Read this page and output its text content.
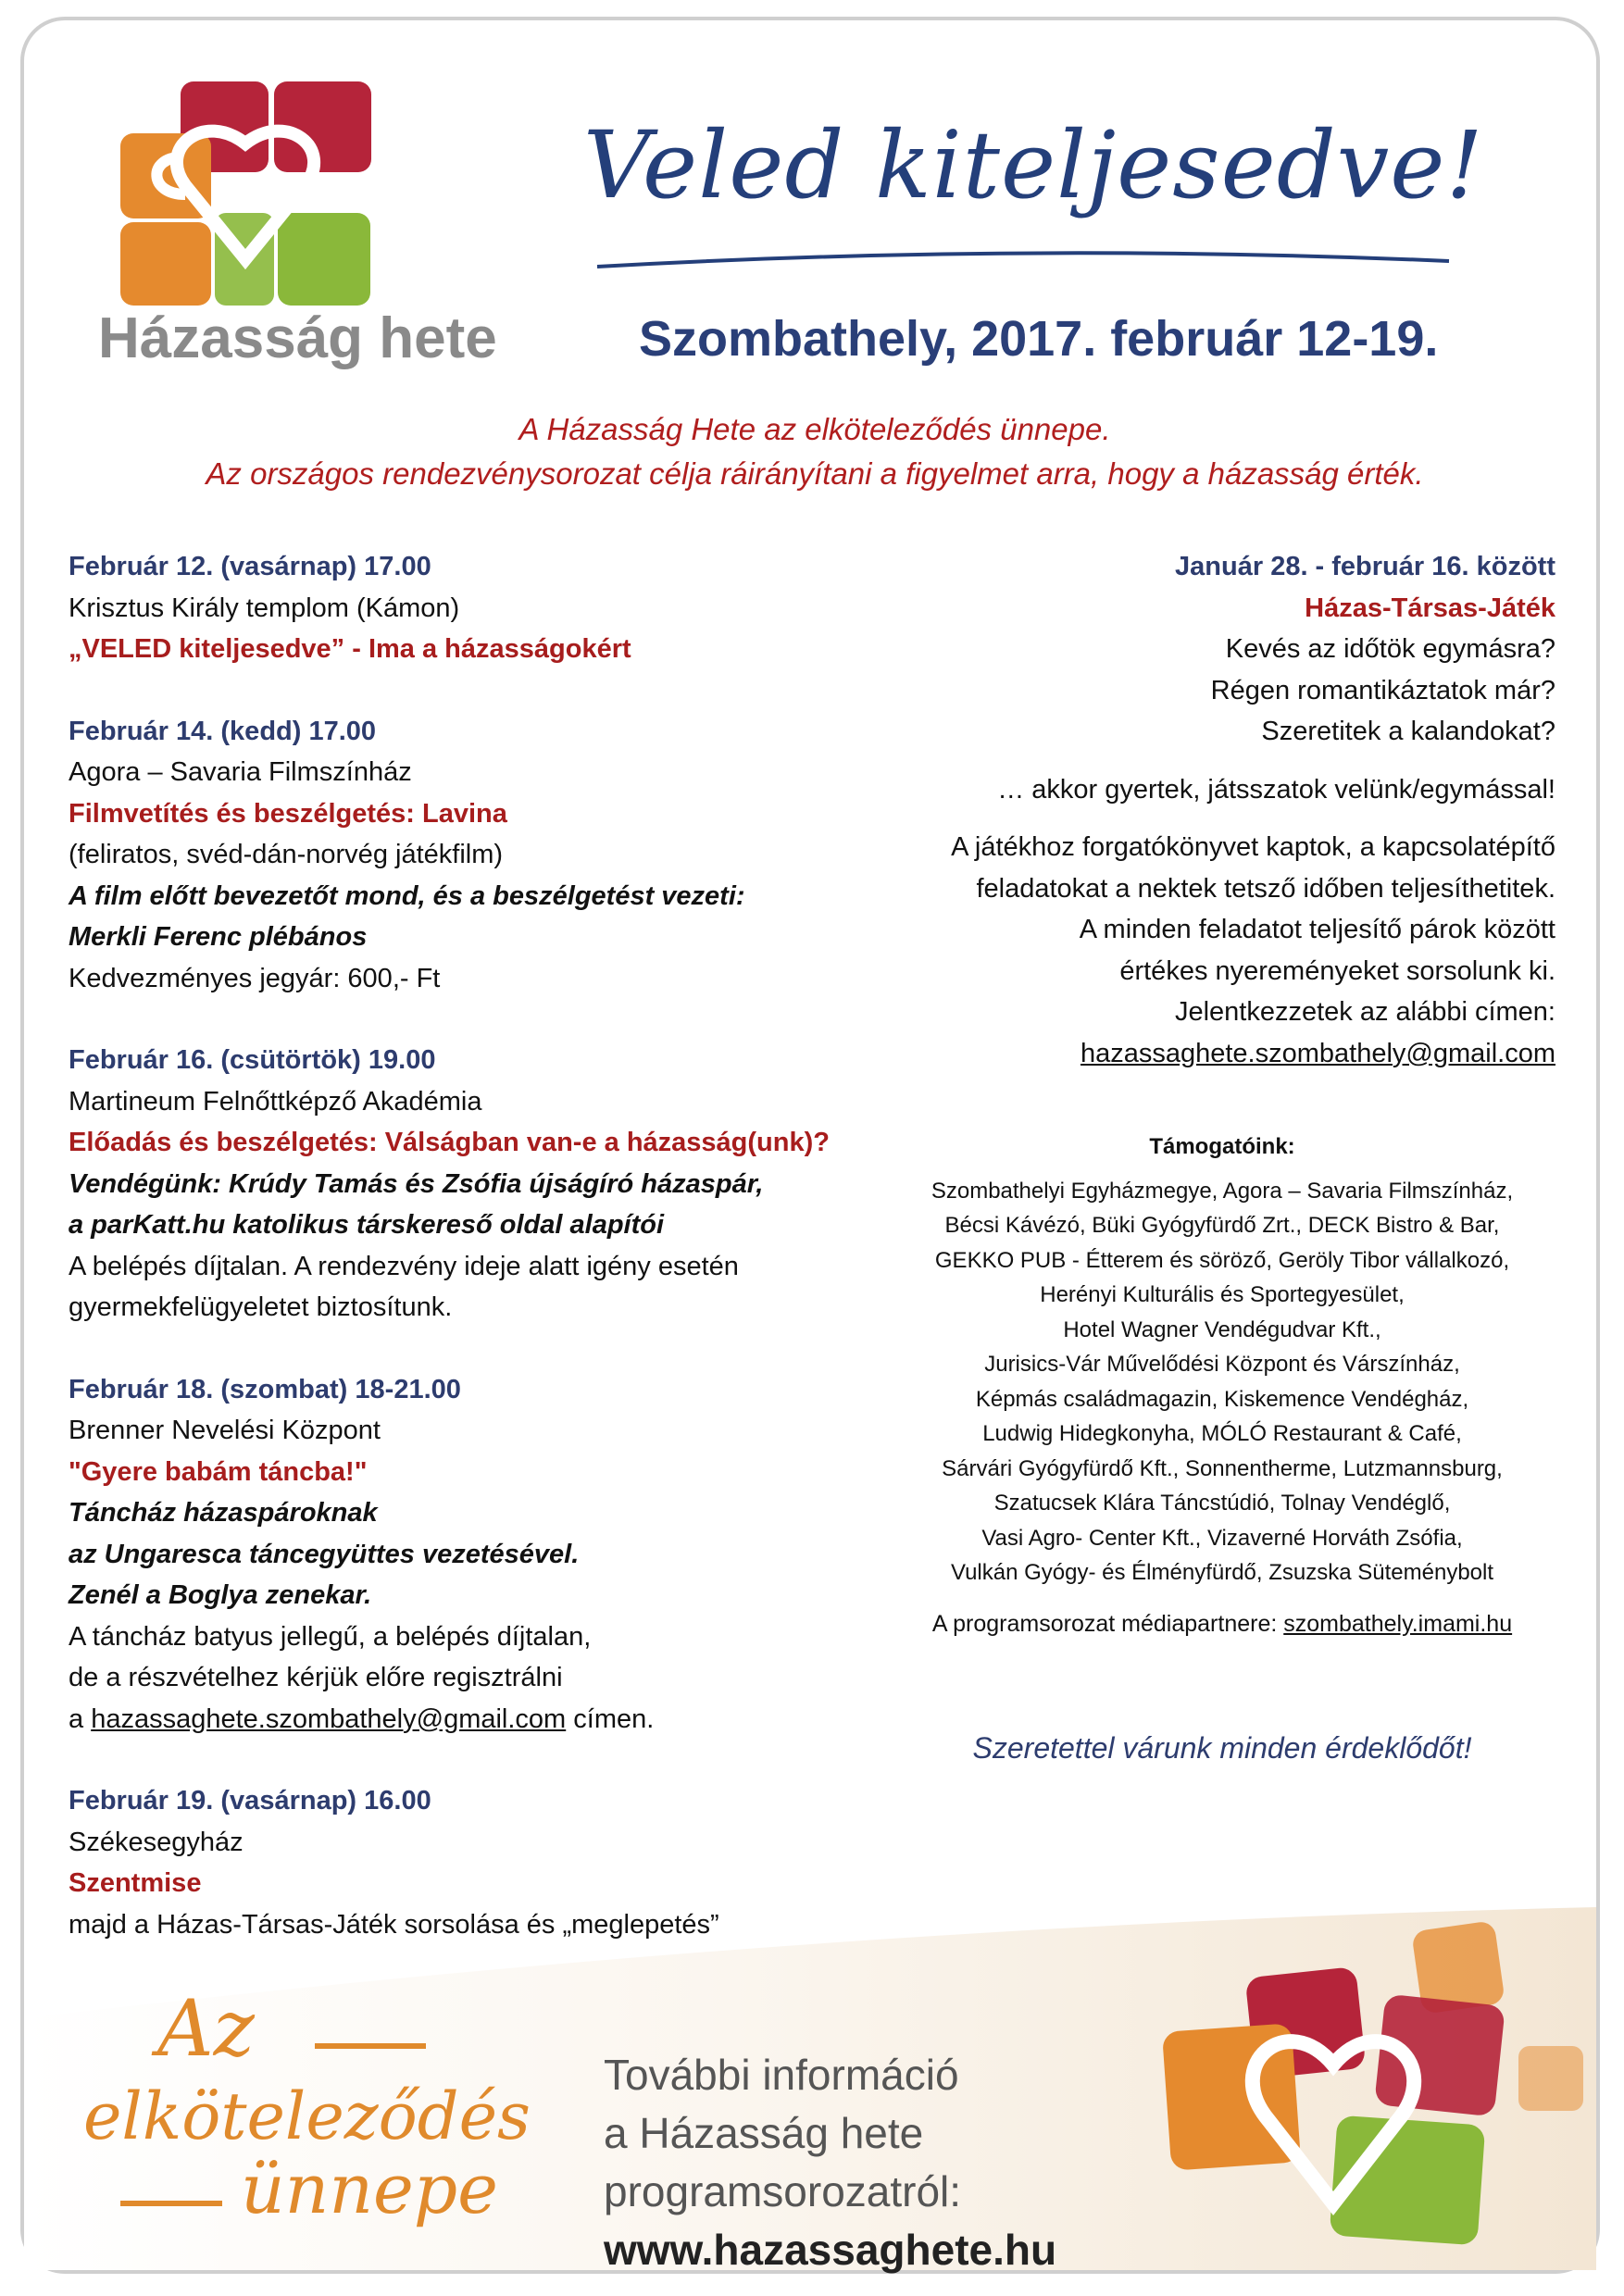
Házasság hete
Veled kiteljesedve!
Szombathely, 2017. február 12-19.
A Házasság Hete az elköteleződés ünnepe.
Az országos rendezvénysorozat célja ráirányítani a figyelmet arra, hogy a házasság érték.

Február 12. (vasárnap) 17.00

Krisztus Király templom (Kámon)

„VELED kiteljesedve” - Ima a házasságokért

Február 14. (kedd) 17.00

Agora – Savaria Filmszínház

Filmvetítés és beszélgetés: Lavina

(feliratos, svéd-dán-norvég játékfilm)

A film előtt bevezetőt mond, és a beszélgetést vezeti:

Merkli Ferenc plébános

Kedvezményes jegyár: 600,- Ft

Február 16. (csütörtök) 19.00

Martineum Felnőttképző Akadémia

Előadás és beszélgetés: Válságban van-e a házasság(unk)?

Vendégünk: Krúdy Tamás és Zsófia újságíró házaspár,

a parKatt.hu katolikus társkereső oldal alapítói

A belépés díjtalan. A rendezvény ideje alatt igény esetén

gyermekfelügyeletet biztosítunk.

Február 18. (szombat) 18-21.00

Brenner Nevelési Központ

"Gyere babám táncba!"

Táncház házaspároknak

az Ungaresca táncegyüttes vezetésével.

Zenél a Boglya zenekar.

A táncház batyus jellegű, a belépés díjtalan,

de a részvételhez kérjük előre regisztrálni

a hazassaghete.szombathely@gmail.com címen.

Február 19. (vasárnap) 16.00

Székesegyház

Szentmise

majd a Házas-Társas-Játék sorsolása és „meglepetés”

Január 28. - február 16. között

Házas-Társas-Játék

Kevés az időtök egymásra?

Régen romantikáztatok már?

Szeretitek a kalandokat?

… akkor gyertek, játsszatok velünk/egymással!

A játékhoz forgatókönyvet kaptok, a kapcsolatépítő

feladatokat a nektek tetsző időben teljesíthetitek.

A minden feladatot teljesítő párok között

értékes nyereményeket sorsolunk ki.

Jelentkezzetek az alábbi címen:

hazassaghete.szombathely@gmail.com

Támogatóink:

Szombathelyi Egyházmegye, Agora – Savaria Filmszínház,

Bécsi Kávézó, Büki Gyógyfürdő Zrt., DECK Bistro & Bar,

GEKKO PUB - Étterem és söröző, Geröly Tibor vállalkozó,

Herényi Kulturális és Sportegyesület,

Hotel Wagner Vendégudvar Kft.,

Jurisics-Vár Művelődési Központ és Várszínház,

Képmás családmagazin, Kiskemence Vendégház,

Ludwig Hidegkonyha, MÓLÓ Restaurant & Café,

Sárvári Gyógyfürdő Kft., Sonnentherme, Lutzmannsburg,

Szatucsek Klára Táncstúdió, Tolnay Vendéglő,

Vasi Agro- Center Kft., Vizaverné Horváth Zsófia,

Vulkán Gyógy- és Élményfürdő, Zsuzska Süteménybolt

A programsorozat médiapartnere: szombathely.imami.hu
Szeretettel várunk minden érdeklődőt!
Az
elköteleződés
ünnepe
További információ
a Házasság hete
programsorozatról:
www.hazassaghete.hu
